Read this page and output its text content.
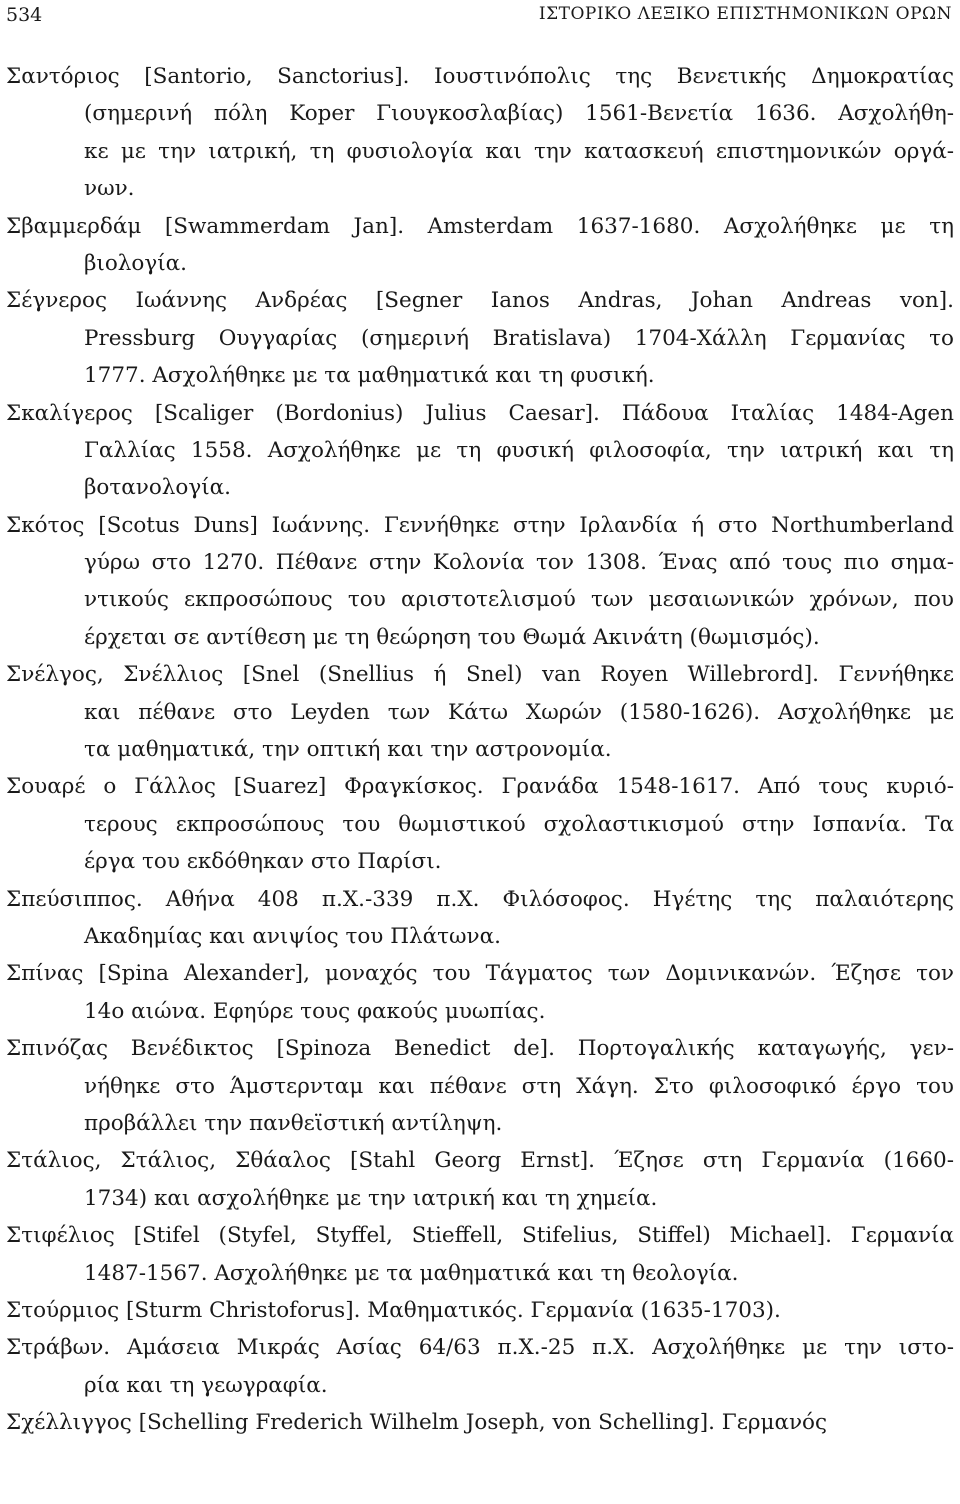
534	ΙΣΤΟΡΙΚΟ ΛΕΞΙΚΟ ΕΠΙΣΤΗΜΟΝΙΚΩΝ ΟΡΩΝ
Σαντόριος [Santorio, Sanctorius]. Ιουστινόπολις της Βενετικής Δημοκρατίας
(σημερινή πόλη Koper Γιουγκοσλαβίας) 1561-Βενετία 1636. Ασχολήθη-
κε με την ιατρική, τη φυσιολογία και την κατασκευή επιστημονικών οργά-
νων.
Σβαμμερδάμ [Swammerdam Jan]. Amsterdam 1637-1680. Ασχολήθηκε με τη
βιολογία.
Σέγνερος Ιωάννης Ανδρέας [Segner Ianos Andras, Johan Andreas von].
Pressburg Ουγγαρίας (σημερινή Bratislava) 1704-Χάλλη Γερμανίας το
1777. Ασχολήθηκε με τα μαθηματικά και τη φυσική.
Σκαλίγερος [Scaliger (Bordonius) Julius Caesar]. Πάδουα Ιταλίας 1484-Agen
Γαλλίας 1558. Ασχολήθηκε με τη φυσική φιλοσοφία, την ιατρική και τη
βοτανολογία.
Σκότος [Scotus Duns] Ιωάννης. Γεννήθηκε στην Ιρλανδία ή στο Northumberland
γύρω στο 1270. Πέθανε στην Κολονία τον 1308. Ένας από τους πιο σημα-
ντικούς εκπροσώπους του αριστοτελισμού των μεσαιωνικών χρόνων, που
έρχεται σε αντίθεση με τη θεώρηση του Θωμά Ακινάτη (θωμισμός).
Σνέλγος, Σνέλλιος [Snel (Snellius ή Snel) van Royen Willebrord]. Γεννήθηκε
και πέθανε στο Leyden των Κάτω Χωρών (1580-1626). Ασχολήθηκε με
τα μαθηματικά, την οπτική και την αστρονομία.
Σουαρέ ο Γάλλος [Suarez] Φραγκίσκος. Γρανάδα 1548-1617. Από τους κυριό-
τερους εκπροσώπους του θωμιστικού σχολαστικισμού στην Ισπανία. Τα
έργα του εκδόθηκαν στο Παρίσι.
Σπεύσιππος. Αθήνα 408 π.Χ.-339 π.Χ. Φιλόσοφος. Ηγέτης της παλαιότερης
Ακαδημίας και ανιψίος του Πλάτωνα.
Σπίνας [Spina Alexander], μοναχός του Τάγματος των Δομινικανών. Έζησε τον
14ο αιώνα. Εφηύρε τους φακούς μυωπίας.
Σπινόζας Βενέδικτος [Spinoza Benedict de]. Πορτογαλικής καταγωγής, γεν-
νήθηκε στο Άμστερνταμ και πέθανε στη Χάγη. Στο φιλοσοφικό έργο του
προβάλλει την πανθεϊστική αντίληψη.
Στάλιος, Στάλιος, Σθάαλος [Stahl Georg Ernst]. Έζησε στη Γερμανία (1660-
1734) και ασχολήθηκε με την ιατρική και τη χημεία.
Στιφέλιος [Stifel (Styfel, Styffel, Stieffell, Stifelius, Stiffel) Michael]. Γερμανία
1487-1567. Ασχολήθηκε με τα μαθηματικά και τη θεολογία.
Στούρμιος [Sturm Christoforus]. Μαθηματικός. Γερμανία (1635-1703).
Στράβων. Αμάσεια Μικράς Ασίας 64/63 π.Χ.-25 π.Χ. Ασχολήθηκε με την ιστο-
ρία και τη γεωγραφία.
Σχέλλιγγος [Schelling Frederich Wilhelm Joseph, von Schelling]. Γερμανός
